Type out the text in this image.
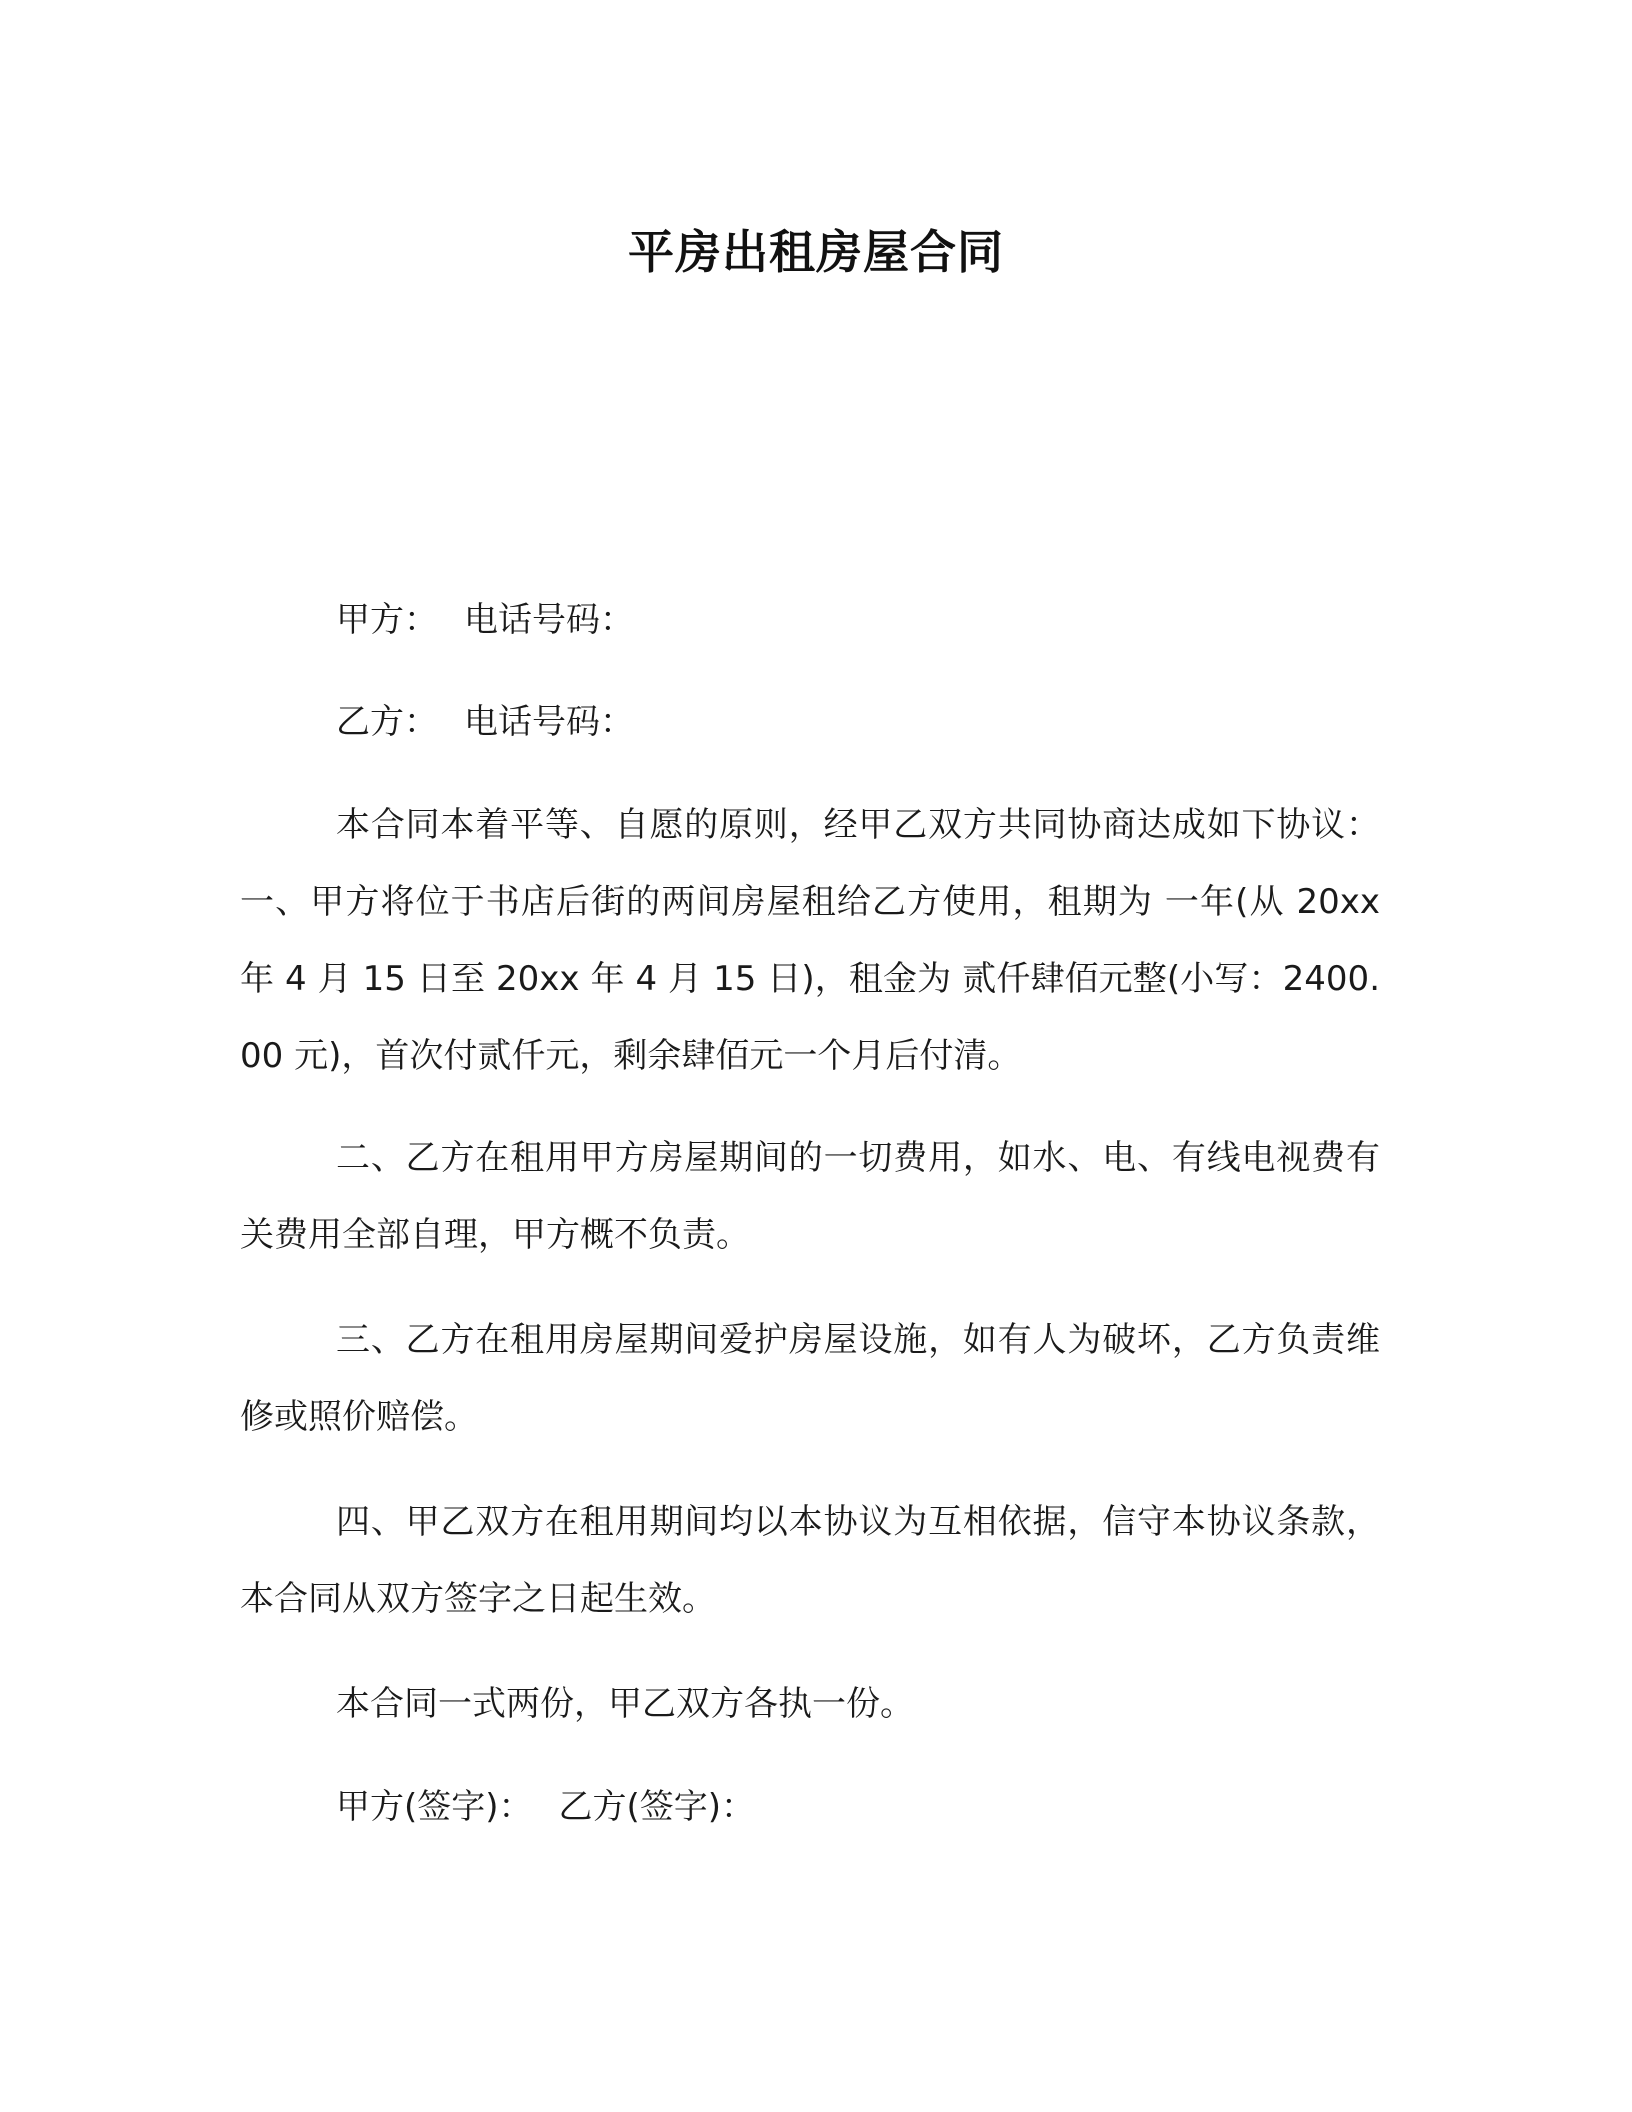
平房出租房屋合同

甲方： 电话号码：

乙方： 电话号码：

本合同本着平等、自愿的原则，经甲乙双方共同协商达成如下协议：一、甲方将位于书店后街的两间房屋租给乙方使用，租期为 一年(从 20xx 年 4 月 15 日至 20xx 年 4 月 15 日)，租金为 贰仟肆佰元整(小写：2400.00 元)，首次付贰仟元，剩余肆佰元一个月后付清。

二、乙方在租用甲方房屋期间的一切费用，如水、电、有线电视费有关费用全部自理，甲方概不负责。

三、乙方在租用房屋期间爱护房屋设施，如有人为破坏，乙方负责维修或照价赔偿。

四、甲乙双方在租用期间均以本协议为互相依据，信守本协议条款，本合同从双方签字之日起生效。

本合同一式两份，甲乙双方各执一份。

甲方(签字)： 乙方(签字)：
